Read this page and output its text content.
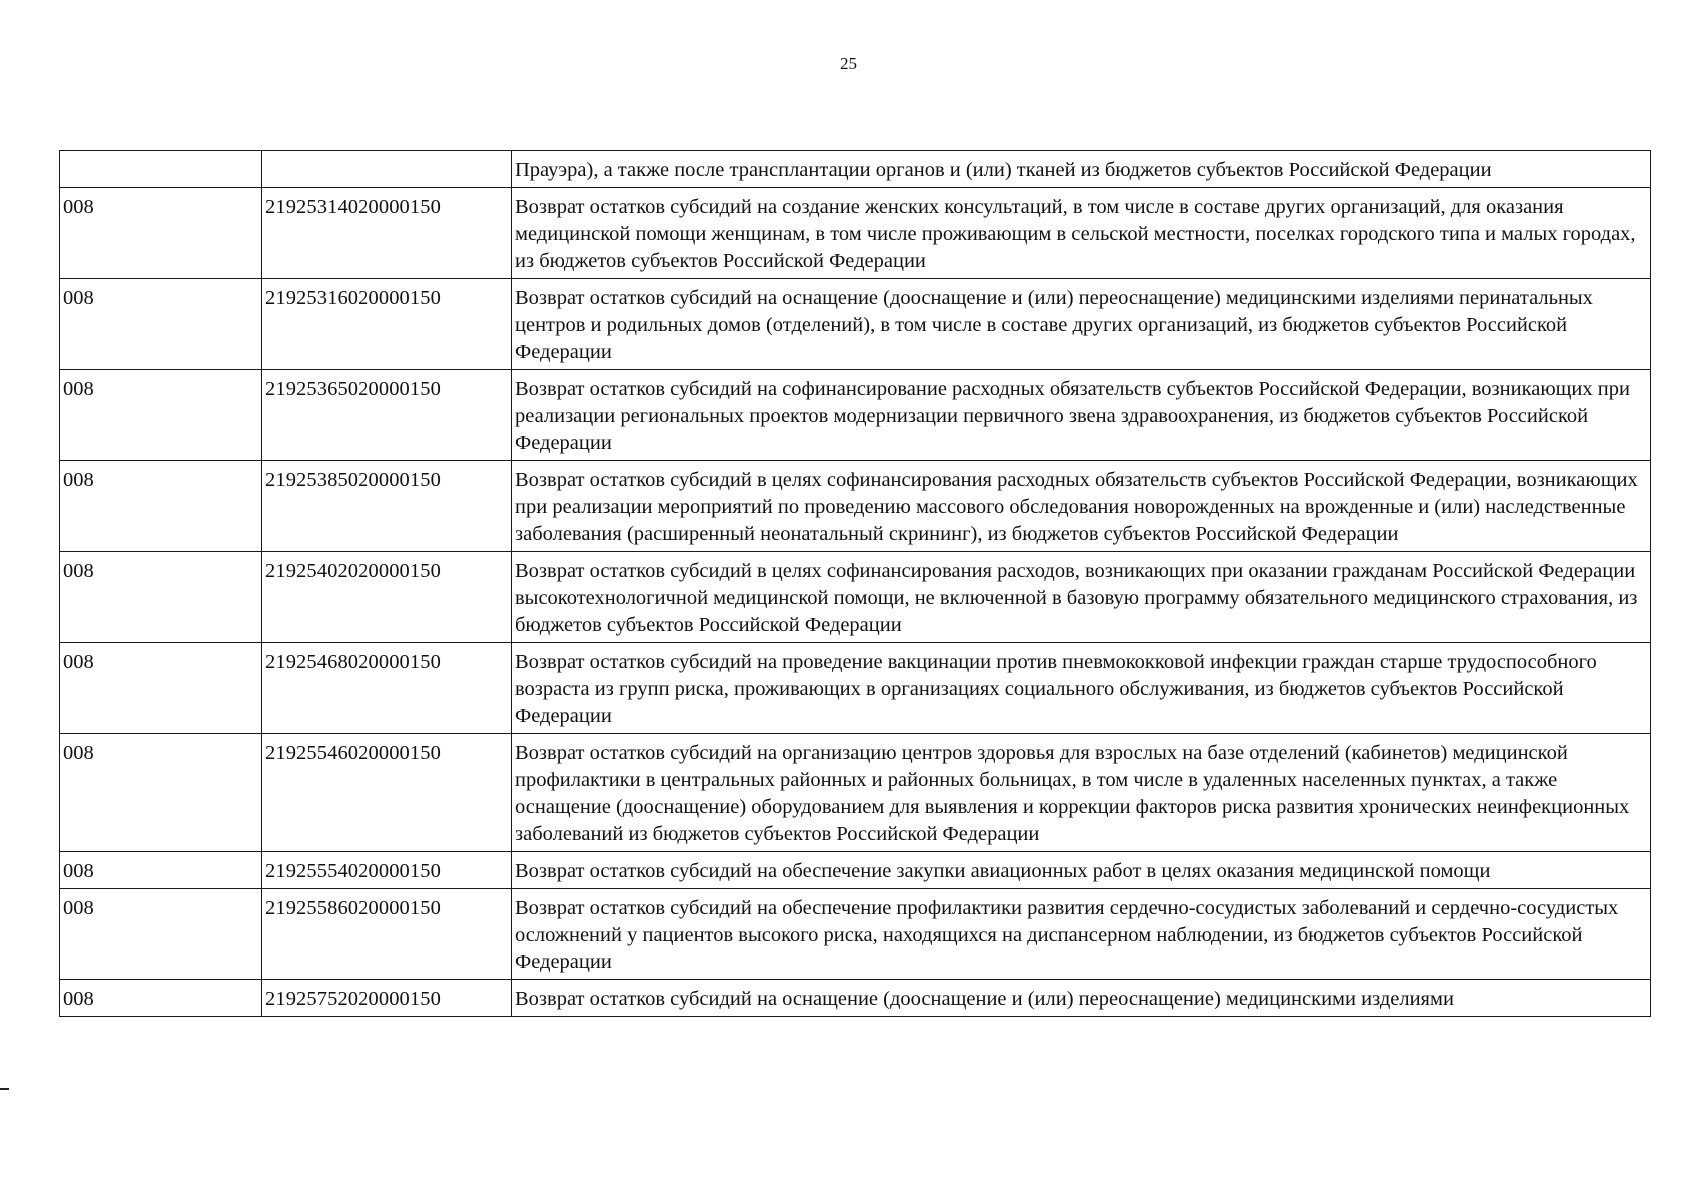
25
		Прауэра), а также после трансплантации органов и (или) тканей из бюджетов субъектов Российской Федерации
008	21925314020000150	Возврат остатков субсидий на создание женских консультаций, в том числе в составе других организаций, для оказания медицинской помощи женщинам, в том числе проживающим в сельской местности, поселках городского типа и малых городах, из бюджетов субъектов Российской Федерации
008	21925316020000150	Возврат остатков субсидий на оснащение (дооснащение и (или) переоснащение) медицинскими изделиями перинатальных центров и родильных домов (отделений), в том числе в составе других организаций, из бюджетов субъектов Российской Федерации
008	21925365020000150	Возврат остатков субсидий на софинансирование расходных обязательств субъектов Российской Федерации, возникающих при реализации региональных проектов модернизации первичного звена здравоохранения, из бюджетов субъектов Российской Федерации
008	21925385020000150	Возврат остатков субсидий в целях софинансирования расходных обязательств субъектов Российской Федерации, возникающих при реализации мероприятий по проведению массового обследования новорожденных на врожденные и (или) наследственные заболевания (расширенный неонатальный скрининг), из бюджетов субъектов Российской Федерации
008	21925402020000150	Возврат остатков субсидий в целях софинансирования расходов, возникающих при оказании гражданам Российской Федерации высокотехнологичной медицинской помощи, не включенной в базовую программу обязательного медицинского страхования, из бюджетов субъектов Российской Федерации
008	21925468020000150	Возврат остатков субсидий на проведение вакцинации против пневмококковой инфекции граждан старше трудоспособного возраста из групп риска, проживающих в организациях социального обслуживания, из бюджетов субъектов Российской Федерации
008	21925546020000150	Возврат остатков субсидий на организацию центров здоровья для взрослых на базе отделений (кабинетов) медицинской профилактики в центральных районных и районных больницах, в том числе в удаленных населенных пунктах, а также оснащение (дооснащение) оборудованием для выявления и коррекции факторов риска развития хронических неинфекционных заболеваний из бюджетов субъектов Российской Федерации
008	21925554020000150	Возврат остатков субсидий на обеспечение закупки авиационных работ в целях оказания медицинской помощи
008	21925586020000150	Возврат остатков субсидий на обеспечение профилактики развития сердечно-сосудистых заболеваний и сердечно-сосудистых осложнений у пациентов высокого риска, находящихся на диспансерном наблюдении, из бюджетов субъектов Российской Федерации
008	21925752020000150	Возврат остатков субсидий на оснащение (дооснащение и (или) переоснащение) медицинскими изделиями
